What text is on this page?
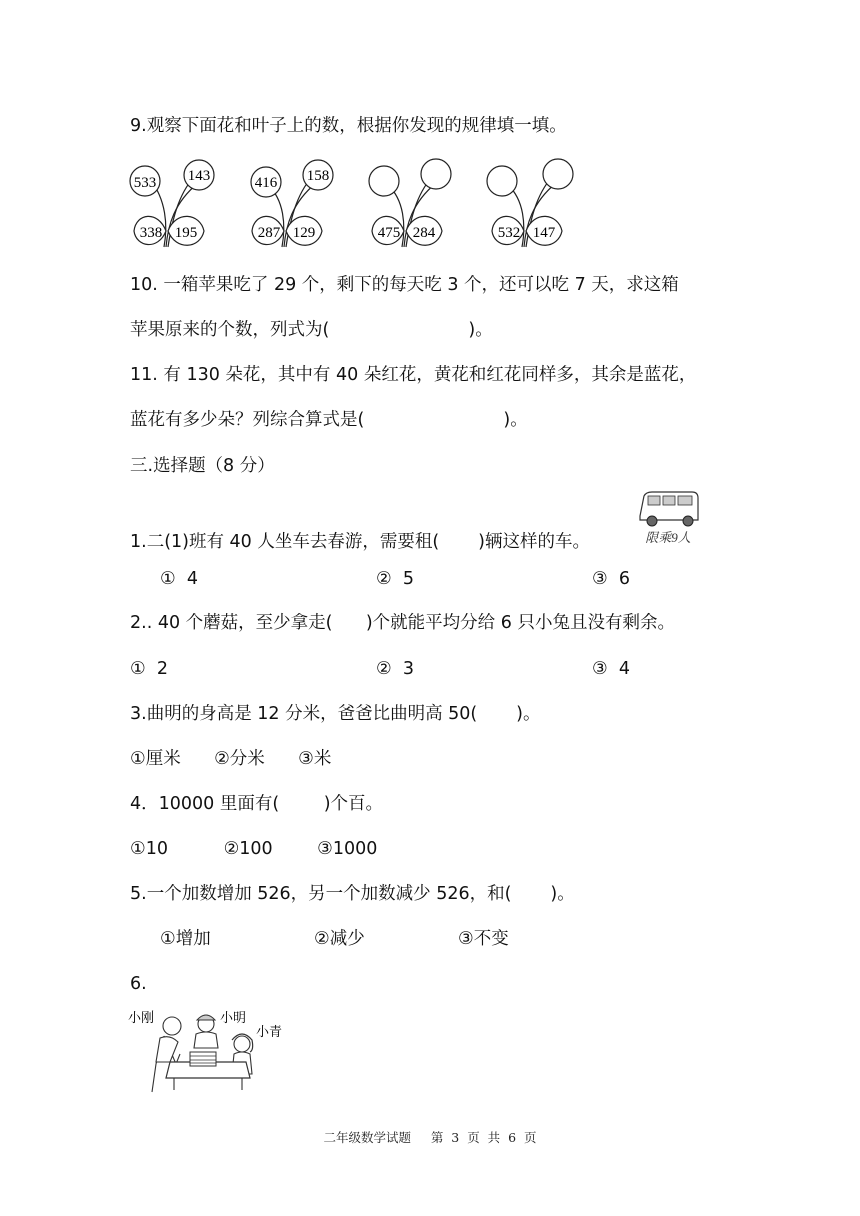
9.观察下面花和叶子上的数，根据你发现的规律填一填。
533 143
338 195
416 158
287 129	475 284	532 147
10. 一箱苹果吃了 29 个，剩下的每天吃 3 个，还可以吃 7 天，求这箱
苹果原来的个数，列式为(                         )。
11. 有 130 朵花，其中有 40 朵红花，黄花和红花同样多，其余是蓝花，
蓝花有多少朵？列综合算式是(                         )。
三.选择题（8 分）
1.二(1)班有 40 人坐车去春游，需要租(       )辆这样的车。	限乘9人
①  4	②  5	③  6
2.. 40 个蘑菇，至少拿走(      )个就能平均分给 6 只小兔且没有剩余。
①  2	②  3	③  4
3.曲明的身高是 12 分米，爸爸比曲明高 50(       )。
①厘米      ②分米      ③米
4．10000 里面有(        )个百。
①10          ②100        ③1000
5.一个加数增加 526，另一个加数减少 526，和(       )。
①增加	②减少	③不变
6.
小刚	小明
小青
二年级数学试题     第  3  页  共  6  页
